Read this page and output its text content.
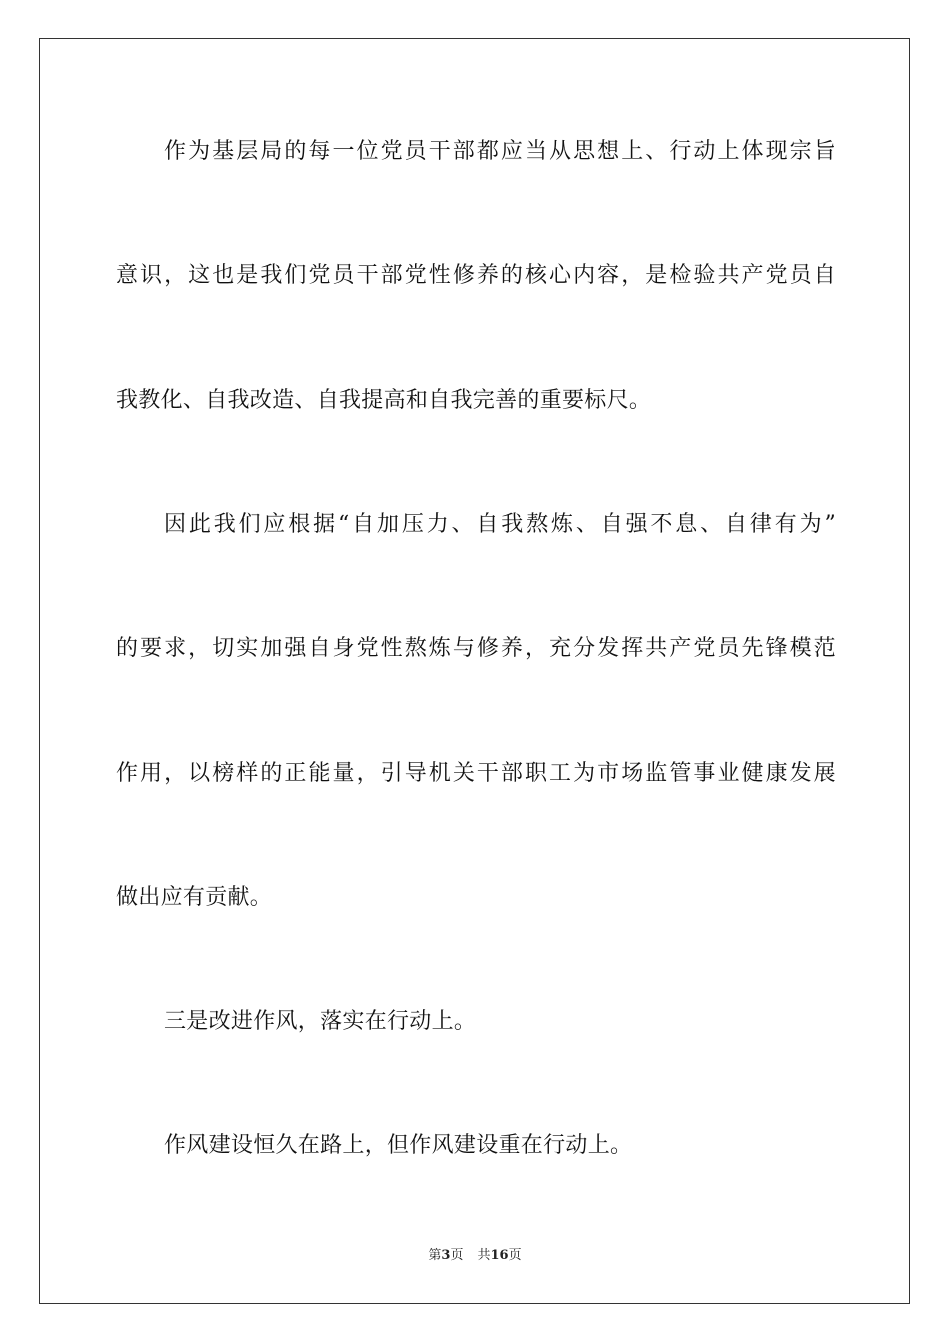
作为基层局的每一位党员干部都应当从思想上、行动上体现宗旨
意识，这也是我们党员干部党性修养的核心内容，是检验共产党员自
我教化、自我改造、自我提高和自我完善的重要标尺。
因此我们应根据“自加压力、自我熬炼、自强不息、自律有为”
的要求，切实加强自身党性熬炼与修养，充分发挥共产党员先锋模范
作用，以榜样的正能量，引导机关干部职工为市场监管事业健康发展
做出应有贡献。
三是改进作风，落实在行动上。
作风建设恒久在路上，但作风建设重在行动上。
第3页 共16页
